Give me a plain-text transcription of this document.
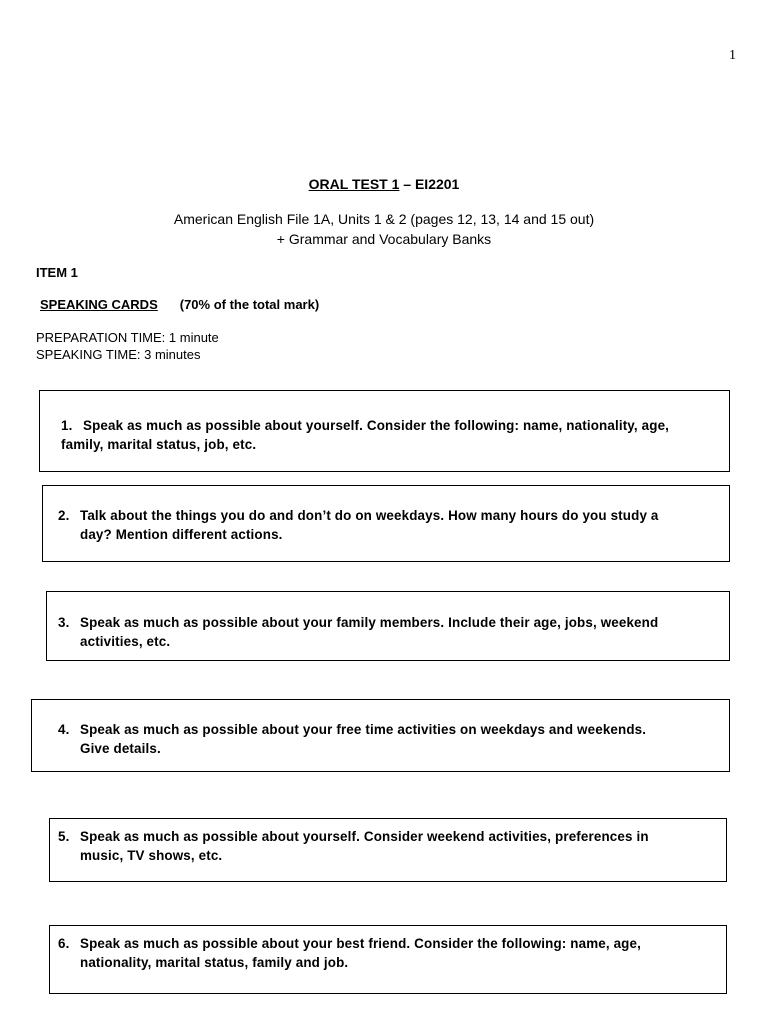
1
ORAL TEST 1 – EI2201
American English File 1A, Units 1 & 2 (pages 12, 13, 14 and 15 out)
+ Grammar and Vocabulary Banks
ITEM 1
SPEAKING CARDS (70% of the total mark)
PREPARATION TIME: 1 minute
SPEAKING TIME: 3 minutes
1. Speak as much as possible about yourself. Consider the following: name, nationality, age,
family, marital status, job, etc.
2. Talk about the things you do and don’t do on weekdays. How many hours do you study a
day? Mention different actions.
3. Speak as much as possible about your family members. Include their age, jobs, weekend
activities, etc.
4. Speak as much as possible about your free time activities on weekdays and weekends.
Give details.
5. Speak as much as possible about yourself. Consider weekend activities, preferences in
music, TV shows, etc.
6. Speak as much as possible about your best friend. Consider the following: name, age,
nationality, marital status, family and job.
